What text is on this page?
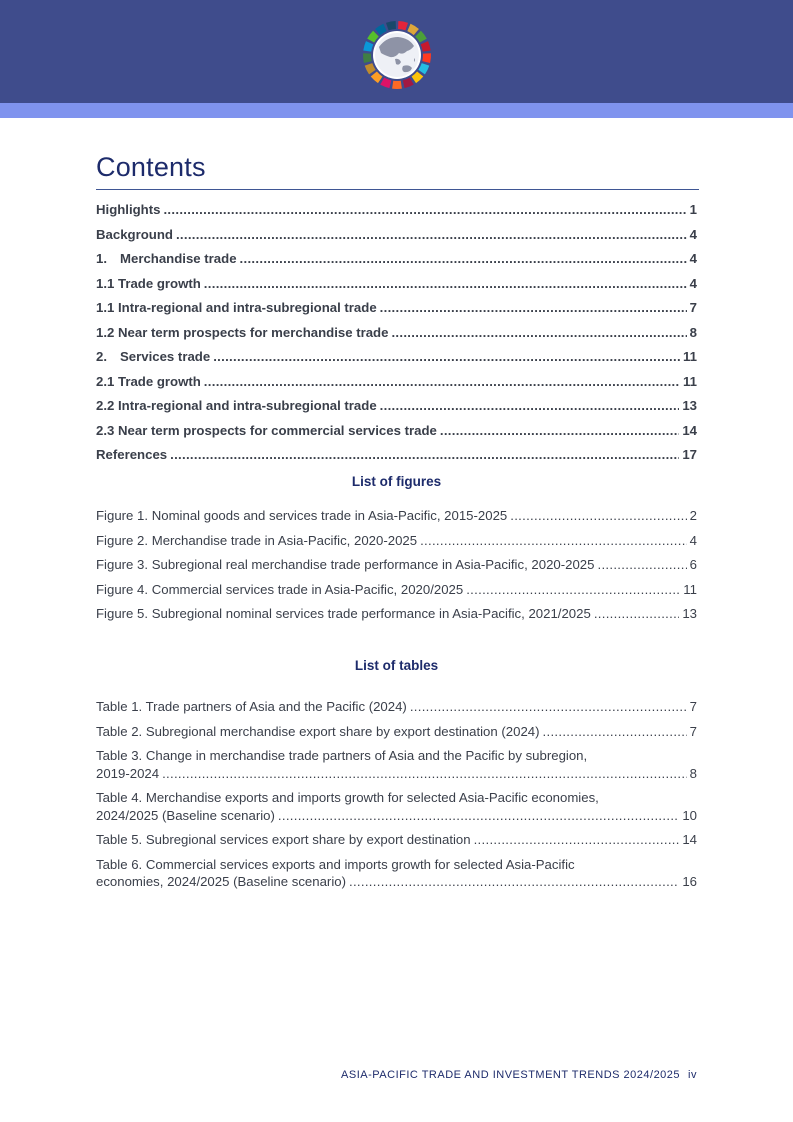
Contents
Highlights .....	1
Background .....	4
1. Merchandise trade .....	4
1.1 Trade growth .....	4
1.1 Intra-regional and intra-subregional trade .....	7
1.2 Near term prospects for merchandise trade .....	8
2. Services trade .....	11
2.1 Trade growth .....	11
2.2 Intra-regional and intra-subregional trade .....	13
2.3 Near term prospects for commercial services trade .....	14
References .....	17
List of figures
Figure 1. Nominal goods and services trade in Asia-Pacific, 2015-2025 .....	2
Figure 2. Merchandise trade in Asia-Pacific, 2020-2025 .....	4
Figure 3. Subregional real merchandise trade performance in Asia-Pacific, 2020-2025 .....	6
Figure 4. Commercial services trade in Asia-Pacific, 2020/2025 .....	11
Figure 5. Subregional nominal services trade performance in Asia-Pacific, 2021/2025 .....	13
List of tables
Table 1. Trade partners of Asia and the Pacific (2024) .....	7
Table 2. Subregional merchandise export share by export destination (2024) .....	7
Table 3. Change in merchandise trade partners of Asia and the Pacific by subregion,
2019-2024 .....	8
Table 4. Merchandise exports and imports growth for selected Asia-Pacific economies,
2024/2025 (Baseline scenario) .....	10
Table 5. Subregional services export share by export destination .....	14
Table 6. Commercial services exports and imports growth for selected Asia-Pacific
economies, 2024/2025 (Baseline scenario) .....	16
ASIA-PACIFIC TRADE AND INVESTMENT TRENDS 2024/2025 iv
